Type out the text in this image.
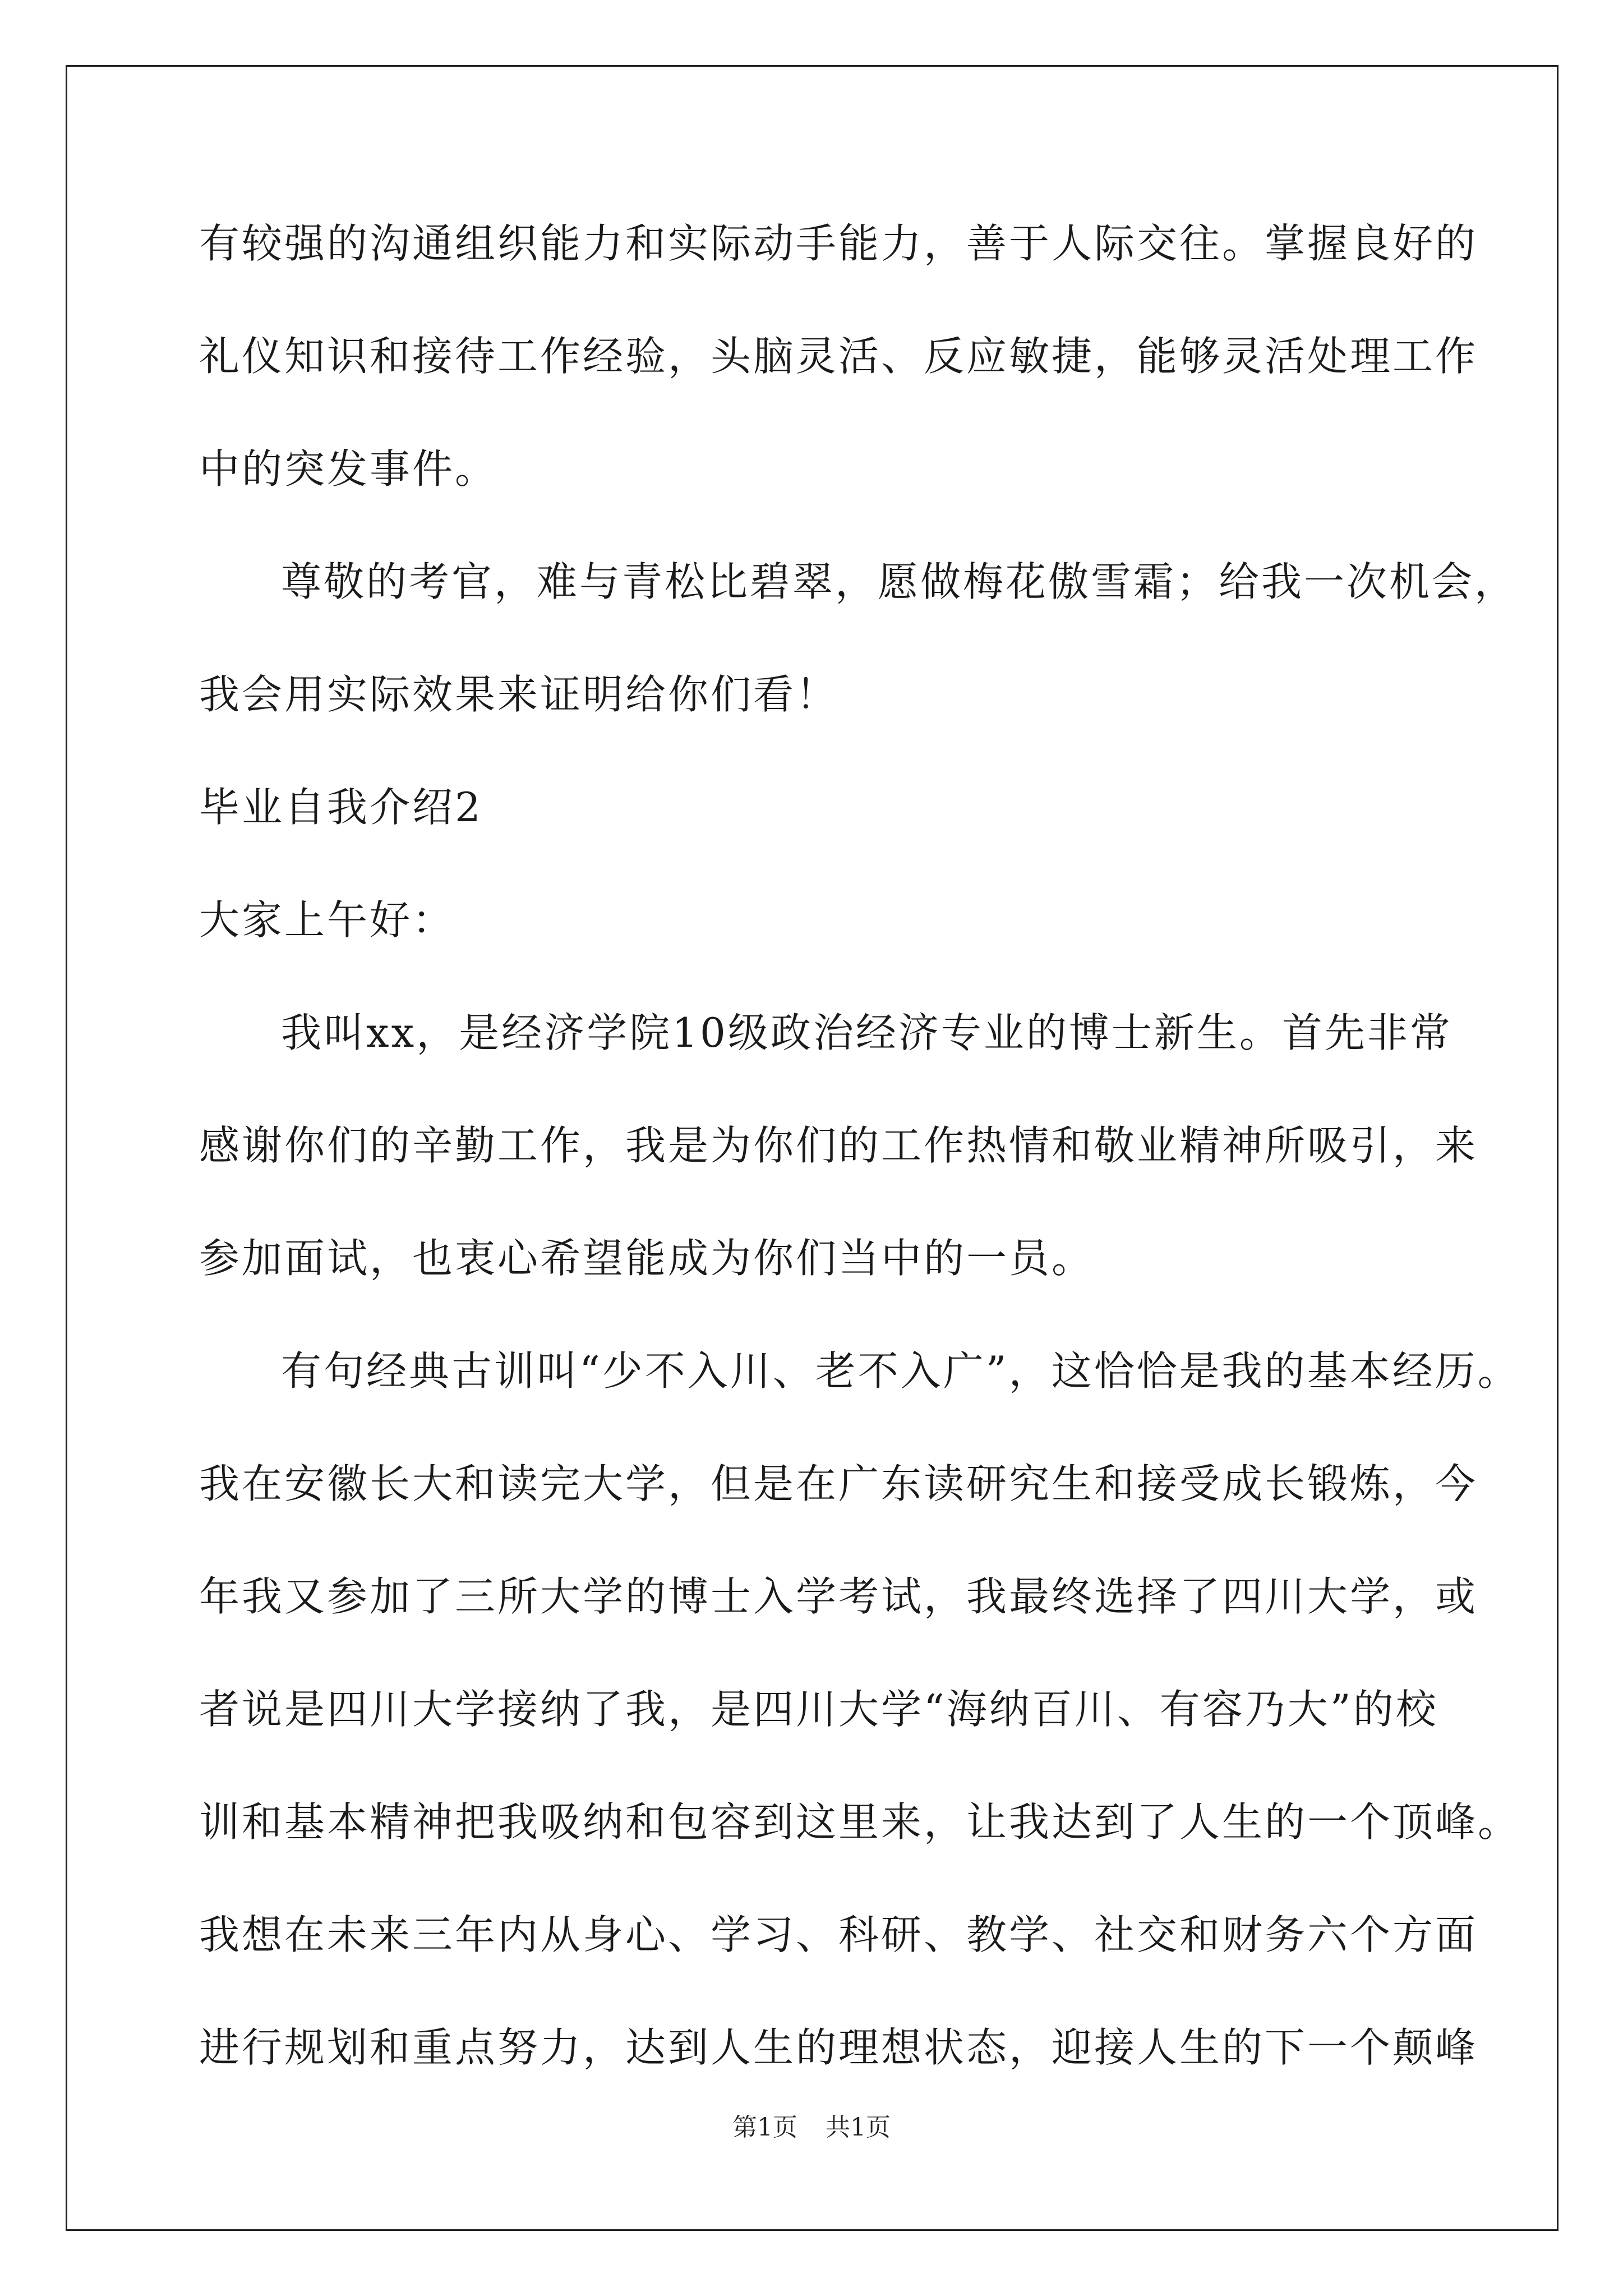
有较强的沟通组织能力和实际动手能力，善于人际交往。掌握良好的
礼仪知识和接待工作经验，头脑灵活、反应敏捷，能够灵活处理工作
中的突发事件。
尊敬的考官，难与青松比碧翠，愿做梅花傲雪霜；给我一次机会，
我会用实际效果来证明给你们看！
毕业自我介绍2
大家上午好：
我叫xx，是经济学院10级政治经济专业的博士新生。首先非常
感谢你们的辛勤工作，我是为你们的工作热情和敬业精神所吸引，来
参加面试，也衷心希望能成为你们当中的一员。
有句经典古训叫“少不入川、老不入广”，这恰恰是我的基本经历。
我在安徽长大和读完大学，但是在广东读研究生和接受成长锻炼，今
年我又参加了三所大学的博士入学考试，我最终选择了四川大学，或
者说是四川大学接纳了我，是四川大学“海纳百川、有容乃大”的校
训和基本精神把我吸纳和包容到这里来，让我达到了人生的一个顶峰。
我想在未来三年内从身心、学习、科研、教学、社交和财务六个方面
进行规划和重点努力，达到人生的理想状态，迎接人生的下一个颠峰
第1页 共1页
